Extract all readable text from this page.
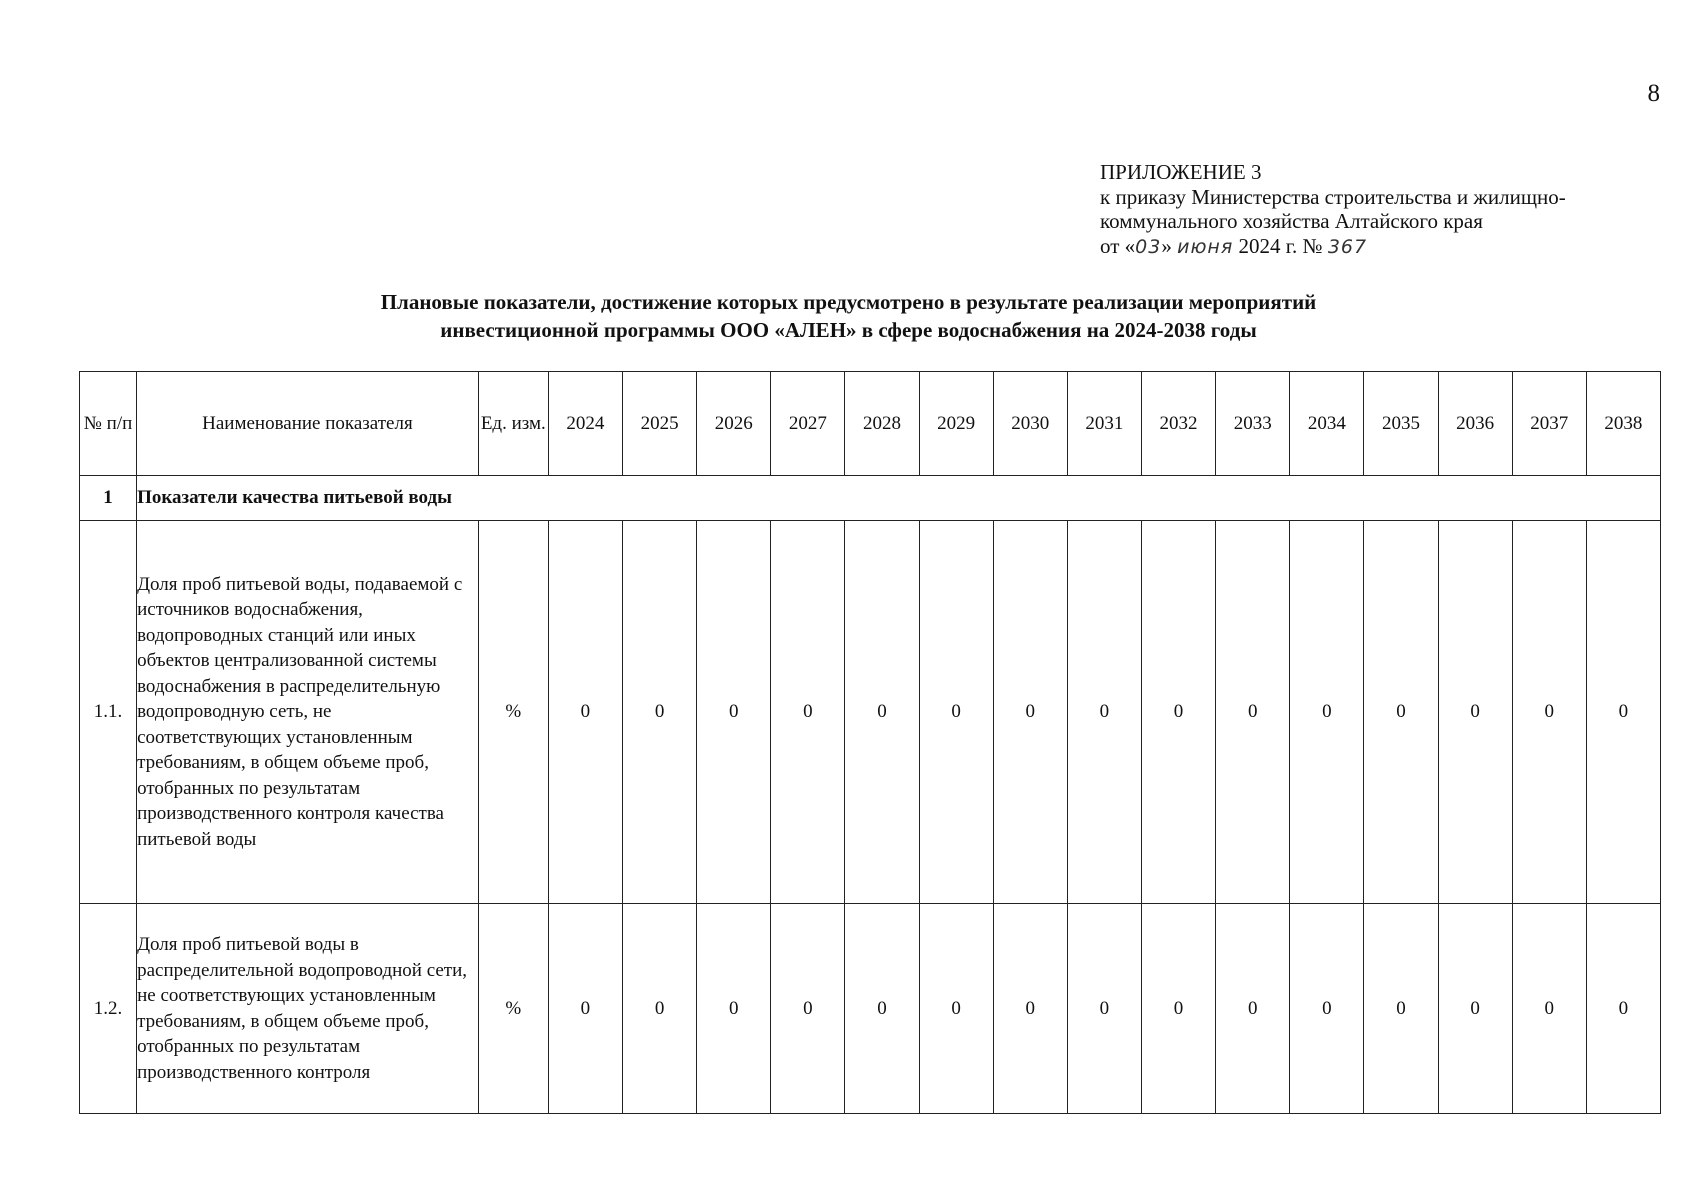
8
ПРИЛОЖЕНИЕ 3
к приказу Министерства строительства и жилищно-
коммунального хозяйства Алтайского края
от «03» июня 2024 г. № 367
Плановые показатели, достижение которых предусмотрено в результате реализации мероприятий
инвестиционной программы ООО «АЛЕН» в сфере водоснабжения на 2024-2038 годы
№ п/п	Наименование показателя	Ед. изм.	2024	2025	2026	2027	2028	2029	2030	2031	2032	2033	2034	2035	2036	2037	2038
1	Показатели качества питьевой воды																
1.1.	Доля проб питьевой воды, подаваемой с источников водоснабжения, водопроводных станций или иных объектов централизованной системы водоснабжения в распределительную водопроводную сеть, не соответствующих установленным требованиям, в общем объеме проб, отобранных по результатам производственного контроля качества питьевой воды	%	0	0	0	0	0	0	0	0	0	0	0	0	0	0	0
1.2.	Доля проб питьевой воды в распределительной водопроводной сети, не соответствующих установленным требованиям, в общем объеме проб, отобранных по результатам производственного контроля	%	0	0	0	0	0	0	0	0	0	0	0	0	0	0	0
